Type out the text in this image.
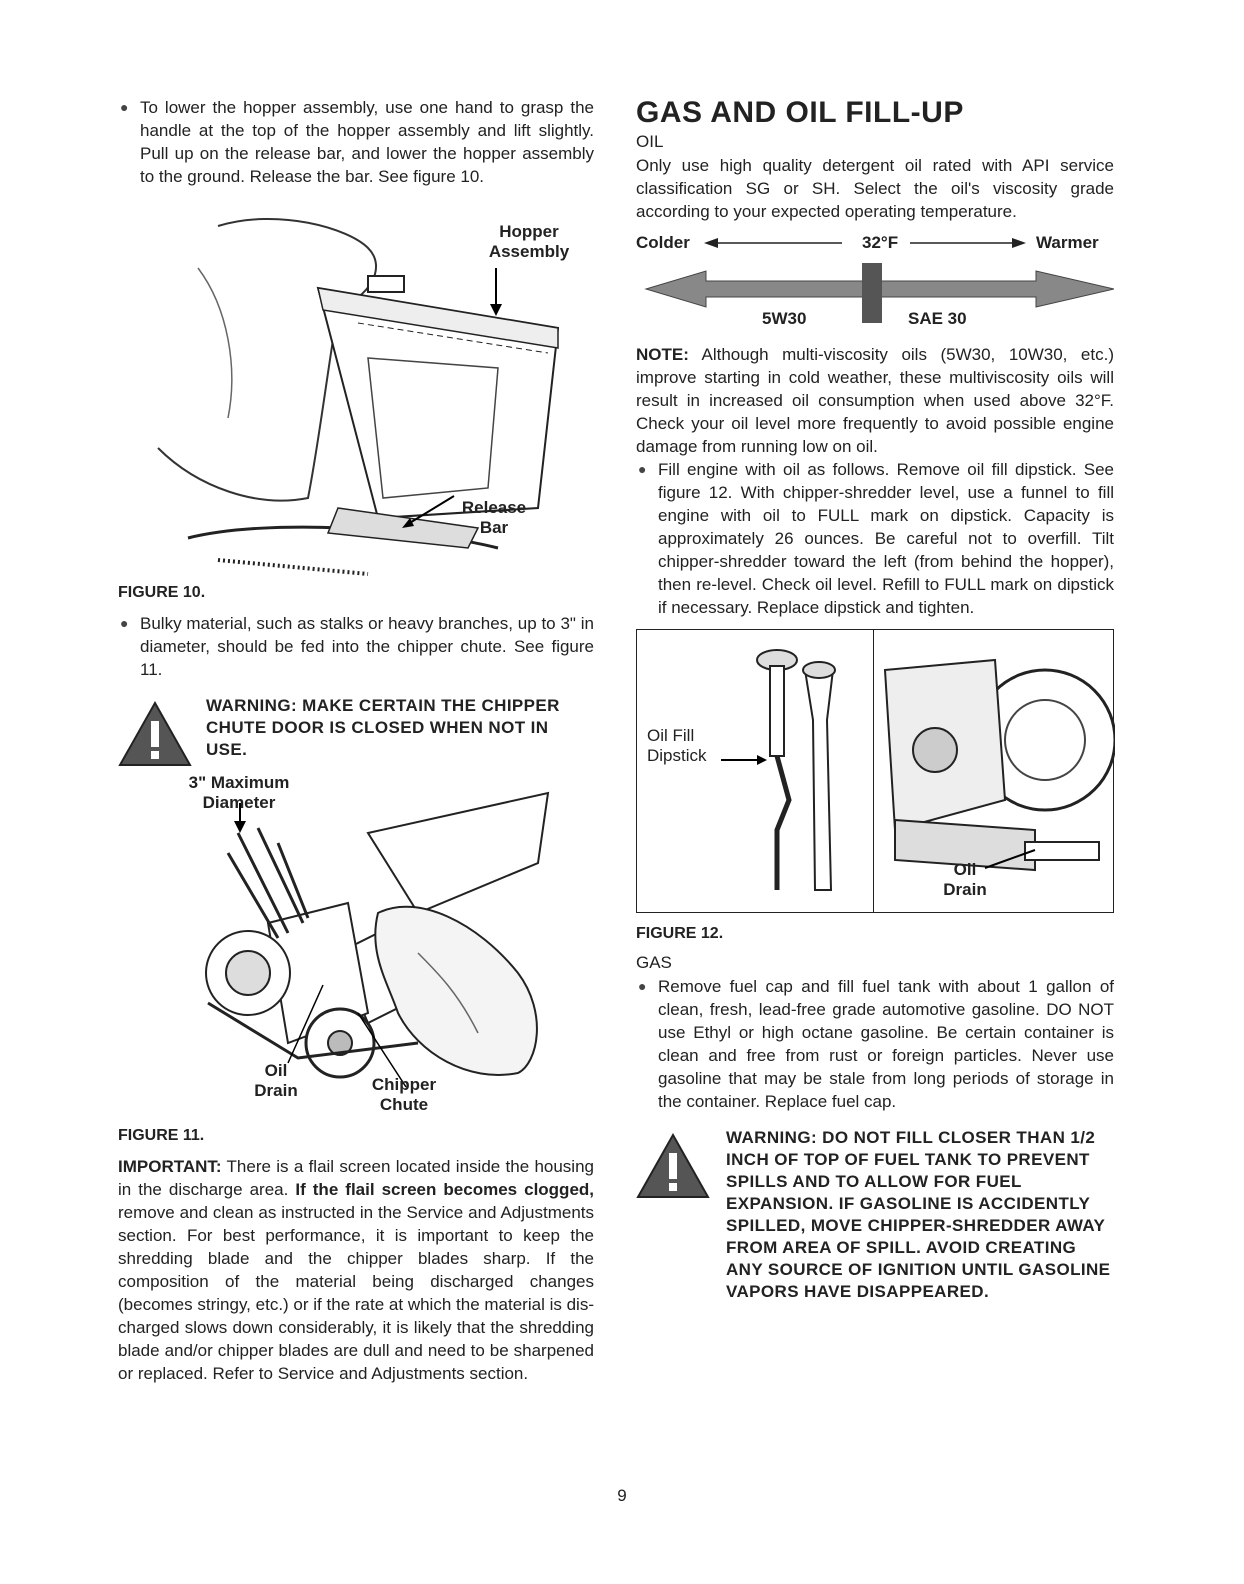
● To lower the hopper assembly, use one hand to grasp the handle at the top of the hopper assembly and lift slightly. Pull up on the release bar, and lower the hopper assembly to the ground. Release the bar. See figure 10.
Hopper Assembly
Release Bar
FIGURE 10.
● Bulky material, such as stalks or heavy branches, up to 3" in diameter, should be fed into the chipper chute. See figure 11.
WARNING: MAKE CERTAIN THE CHIPPER CHUTE DOOR IS CLOSED WHEN NOT IN USE.
3" Maximum Diameter
Oil Drain	Chipper Chute
FIGURE 11.

IMPORTANT: There is a flail screen located inside the housing in the discharge area. If the flail screen becomes clogged, remove and clean as instructed in the Service and Adjustments section. For best performance, it is important to keep the shredding blade and the chipper blades sharp. If the composition of the material being discharged changes (becomes stringy, etc.) or if the rate at which the material is discharged slows down considerably, it is likely that the shredding blade and/or chipper blades are dull and need to be sharpened or replaced. Refer to Service and Adjustments section.

GAS AND OIL FILL-UP
OIL

Only use high quality detergent oil rated with API service classification SG or SH. Select the oil's viscosity grade according to your expected operating temperature.

Colder	32°F	Warmer
5W30	SAE 30

NOTE: Although multi-viscosity oils (5W30, 10W30, etc.) improve starting in cold weather, these multiviscosity oils will result in increased oil consumption when used above 32°F. Check your oil level more frequently to avoid possible engine damage from running low on oil.

● Fill engine with oil as follows. Remove oil fill dipstick. See figure 12. With chipper-shredder level, use a funnel to fill engine with oil to FULL mark on dipstick. Capacity is approximately 26 ounces. Be careful not to overfill. Tilt chipper-shredder toward the left (from behind the hopper), then re-level. Check oil level. Refill to FULL mark on dipstick if necessary. Replace dipstick and tighten.
Oil Fill Dipstick
Oil Drain
FIGURE 12.
GAS
● Remove fuel cap and fill fuel tank with about 1 gallon of clean, fresh, lead-free grade automotive gasoline. DO NOT use Ethyl or high octane gasoline. Be certain container is clean and free from rust or foreign particles. Never use gasoline that may be stale from long periods of storage in the container. Replace fuel cap.
WARNING: DO NOT FILL CLOSER THAN 1/2 INCH OF TOP OF FUEL TANK TO PREVENT SPILLS AND TO ALLOW FOR FUEL EXPANSION. IF GASOLINE IS ACCIDENTLY SPILLED, MOVE CHIPPER-SHREDDER AWAY FROM AREA OF SPILL. AVOID CREATING ANY SOURCE OF IGNITION UNTIL GASOLINE VAPORS HAVE DISAPPEARED.
9
